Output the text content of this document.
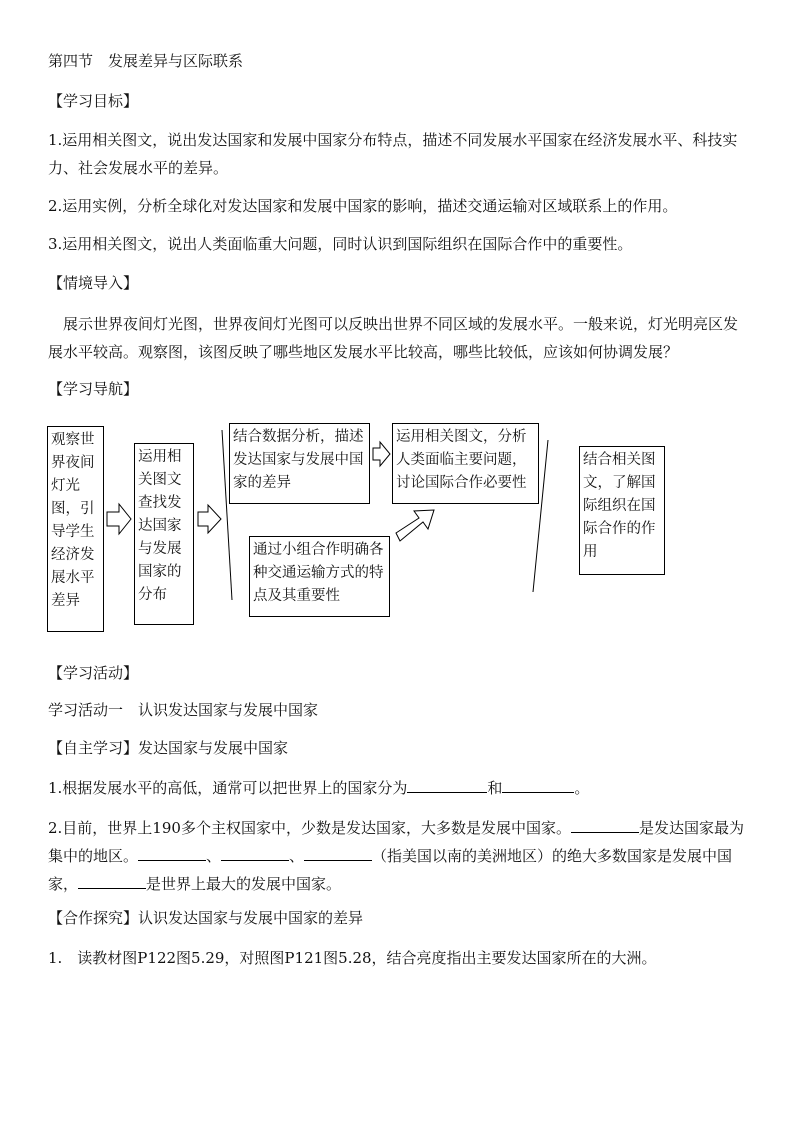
第四节　发展差异与区际联系
【学习目标】
1.运用相关图文，说出发达国家和发展中国家分布特点，描述不同发展水平国家在经济发展水平、科技实力、社会发展水平的差异。
2.运用实例，分析全球化对发达国家和发展中国家的影响，描述交通运输对区域联系上的作用。
3.运用相关图文，说出人类面临重大问题，同时认识到国际组织在国际合作中的重要性。
【情境导入】
展示世界夜间灯光图，世界夜间灯光图可以反映出世界不同区域的发展水平。一般来说，灯光明亮区发展水平较高。观察图，该图反映了哪些地区发展水平比较高，哪些比较低，应该如何协调发展？
【学习导航】
观察世界夜间灯光图，引导学生经济发展水平差异
运用相关图文查找发达国家与发展国家的分布
结合数据分析，描述发达国家与发展中国家的差异
通过小组合作明确各种交通运输方式的特点及其重要性
运用相关图文，分析人类面临主要问题，讨论国际合作必要性
结合相关图文，了解国际组织在国际合作的作用
【学习活动】
学习活动一　认识发达国家与发展中国家
【自主学习】发达国家与发展中国家
1.根据发展水平的高低，通常可以把世界上的国家分为	和	。
2.目前，世界上190多个主权国家中，少数是发达国家，大多数是发展中国家。	是发达国家最为集中的地区。	、	、	（指美国以南的美洲地区）的绝大多数国家是发展中国家，	是世界上最大的发展中国家。
【合作探究】认识发达国家与发展中国家的差异
1.　读教材图P122图5.29，对照图P121图5.28，结合亮度指出主要发达国家所在的大洲。
